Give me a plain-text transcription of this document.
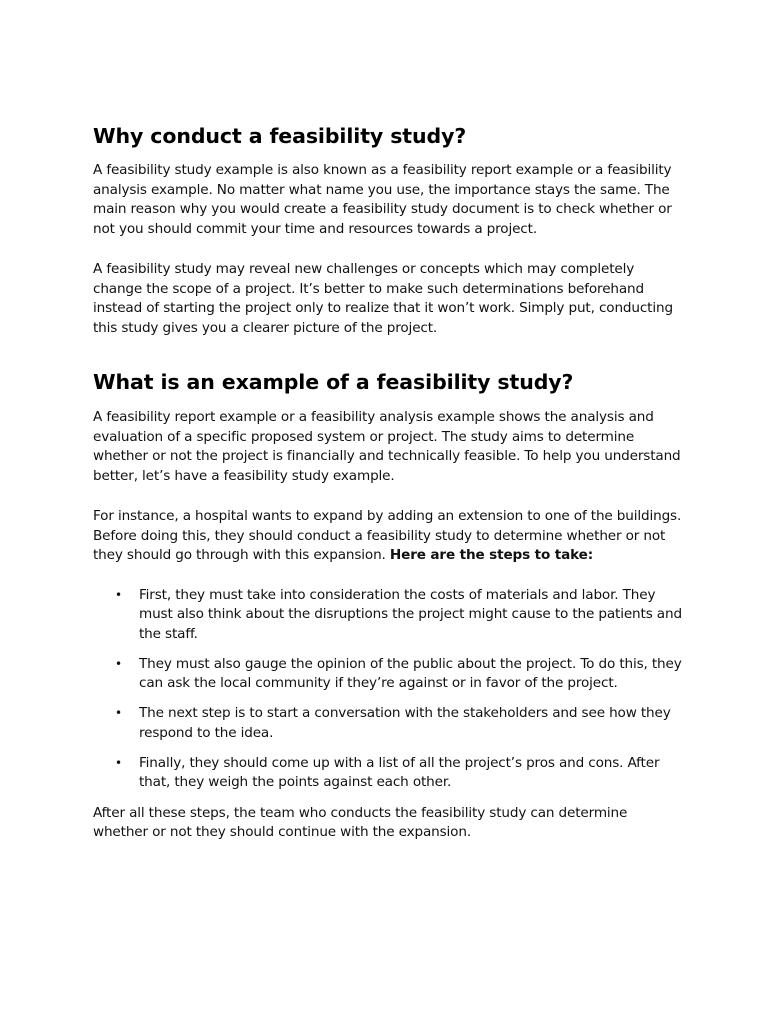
Why conduct a feasibility study?

A feasibility study example is also known as a feasibility report example or a feasibility analysis example. No matter what name you use, the importance stays the same. The main reason why you would create a feasibility study document is to check whether or not you should commit your time and resources towards a project.

A feasibility study may reveal new challenges or concepts which may completely change the scope of a project. It’s better to make such determinations beforehand instead of starting the project only to realize that it won’t work. Simply put, conducting this study gives you a clearer picture of the project.

What is an example of a feasibility study?

A feasibility report example or a feasibility analysis example shows the analysis and evaluation of a specific proposed system or project. The study aims to determine whether or not the project is financially and technically feasible. To help you understand better, let’s have a feasibility study example.

For instance, a hospital wants to expand by adding an extension to one of the buildings. Before doing this, they should conduct a feasibility study to determine whether or not they should go through with this expansion. Here are the steps to take:

• First, they must take into consideration the costs of materials and labor. They must also think about the disruptions the project might cause to the patients and the staff.
• They must also gauge the opinion of the public about the project. To do this, they can ask the local community if they’re against or in favor of the project.
• The next step is to start a conversation with the stakeholders and see how they respond to the idea.
• Finally, they should come up with a list of all the project’s pros and cons. After that, they weigh the points against each other.

After all these steps, the team who conducts the feasibility study can determine whether or not they should continue with the expansion.
